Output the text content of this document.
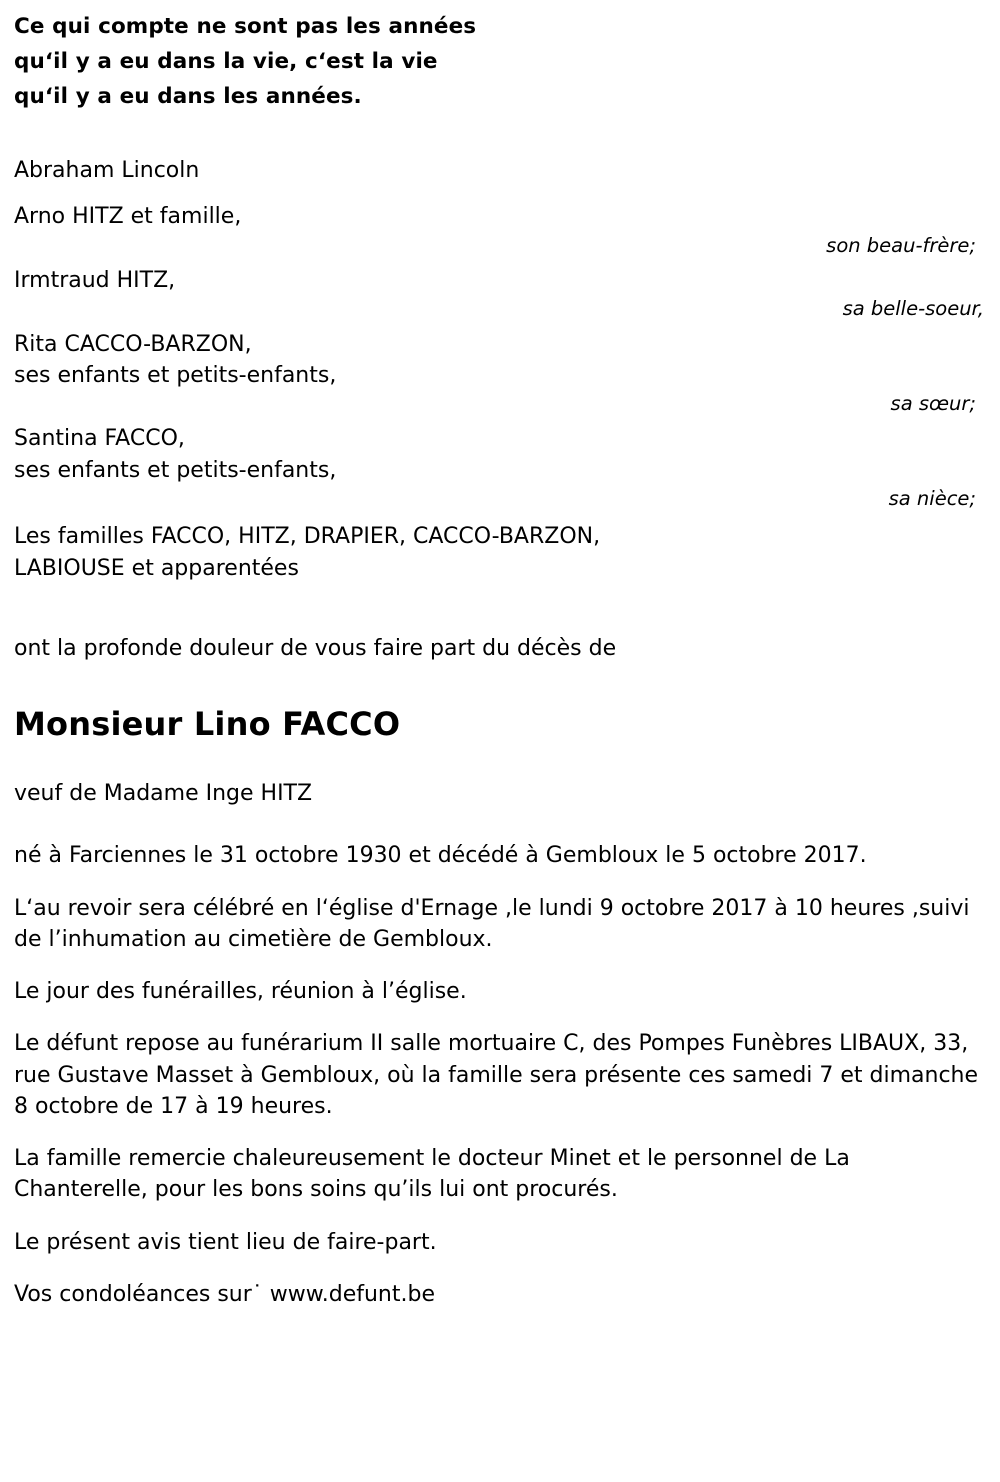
Ce qui compte ne sont pas les années
qu‘il y a eu dans la vie, c‘est la vie
qu‘il y a eu dans les années.
Abraham Lincoln
Arno HITZ et famille,
son beau-frère;
Irmtraud HITZ,
sa belle-soeur,
Rita CACCO-BARZON,
ses enfants et petits-enfants,
sa sœur;
Santina FACCO,
ses enfants et petits-enfants,
sa nièce;
Les familles FACCO, HITZ, DRAPIER, CACCO-BARZON,
LABIOUSE et apparentées
ont la profonde douleur de vous faire part du décès de
Monsieur Lino FACCO
veuf de Madame Inge HITZ

né à Farciennes le 31 octobre 1930 et décédé à Gembloux le 5 octobre 2017.

L‘au revoir sera célébré en l‘église d'Ernage ,le lundi 9 octobre 2017 à 10 heures ,suivi de l’inhumation au cimetière de Gembloux.

Le jour des funérailles, réunion à l’église.

Le défunt repose au funérarium II salle mortuaire C, des Pompes Funèbres LIBAUX, 33, rue Gustave Masset à Gembloux, où la famille sera présente ces samedi 7 et dimanche 8 octobre de 17 à 19 heures.

La famille remercie chaleureusement le docteur Minet et le personnel de La Chanterelle, pour les bons soins qu’ils lui ont procurés.

Le présent avis tient lieu de faire-part.

Vos condoléances sur˙ www.defunt.be
